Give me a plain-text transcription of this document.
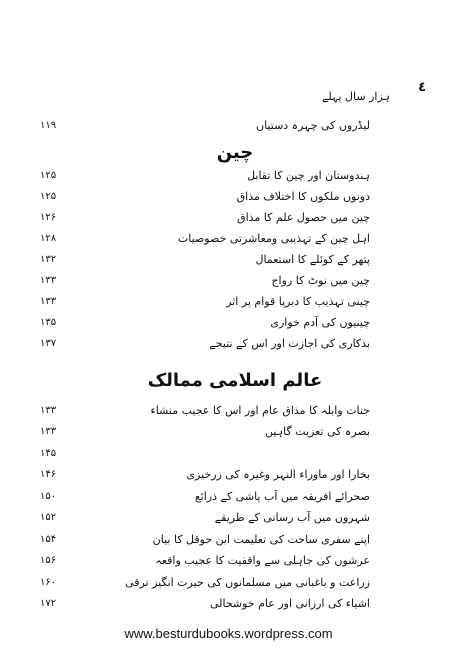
٤
ہزار سال پہلے
۱۱۹	لیڈروں کی چہرہ دستیاں
چین
۱۲۵	ہندوستان اور چین کا تقابل
۱۲۵	دونوں ملکوں کا اختلاف مذاق
۱۲۶	چین میں حصول علم کا مذاق
۱۲۸	اہل چین کے تہذیبی ومعاشرتی خصوصیات
۱۳۲	پتھر کے کوئلے کا استعمال
۱۳۳	چین میں نوٹ کا رواج
۱۳۳	چینی تہذیب کا دیرپا قوام پر اثر
۱۳۵	چینیوں کی آدم خواری
۱۳۷	بدکاری کی اجازت اور اس کے نتیجے
عالم اسلامی ممالک
۱۳۳	جنات وابلہ کا مذاق عام اور اس کا عجیب منشاء
۱۳۳	بصرہ کی تعزیت گاہیں
۱۴۵
۱۴۶	بخارا اور ماوراء النہر وغیرہ کی زرخیزی
۱۵۰	صحرائے افریقہ میں آب پاشی کے ذرائع
۱۵۲	شہروں میں آب رسانی کے طریقے
۱۵۴	اپنے سفری ساحت کی تعلیمت ابن حوقل کا بیان
۱۵۶	عرشوں کی جاہلی سے واقفیت کا عجیب واقعہ
۱۶۰	زراعت و باغبانی میں مسلمانوں کی حیرت انگیز ترقی
۱۷۲	اشیاء کی ارزانی اور عام خوشحالی
www.besturdubooks.wordpress.com
